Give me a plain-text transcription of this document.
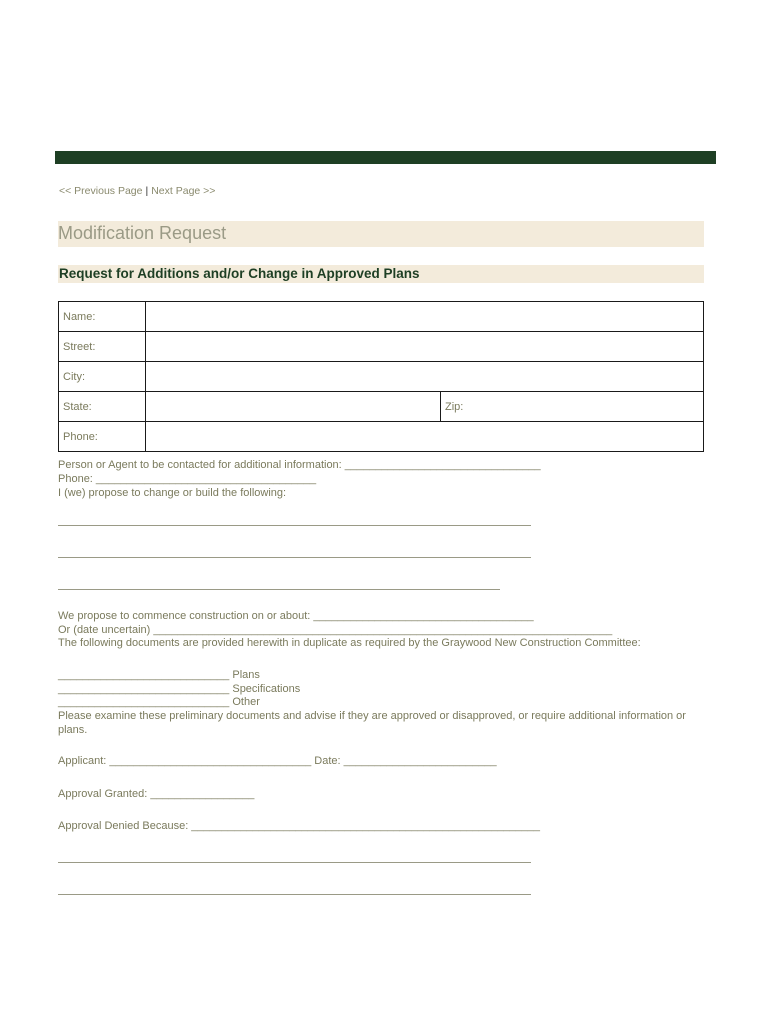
<< Previous Page | Next Page >>
Modification Request
Request for Additions and/or Change in Approved Plans
Name:		
Street:		
City:		
State:		Zip:
Phone:		
Person or Agent to be contacted for additional information: ________________________________
Phone: ____________________________________
I (we) propose to change or build the following:
We propose to commence construction on or about: ____________________________________
Or (date uncertain) ___________________________________________________________________________
The following documents are provided herewith in duplicate as required by the Graywood New Construction Committee:
____________________________ Plans
____________________________ Specifications
____________________________ Other
Please examine these preliminary documents and advise if they are approved or disapproved, or require additional information or plans.
Applicant: _________________________________ Date: _________________________
Approval Granted: _________________
Approval Denied Because: _________________________________________________________
